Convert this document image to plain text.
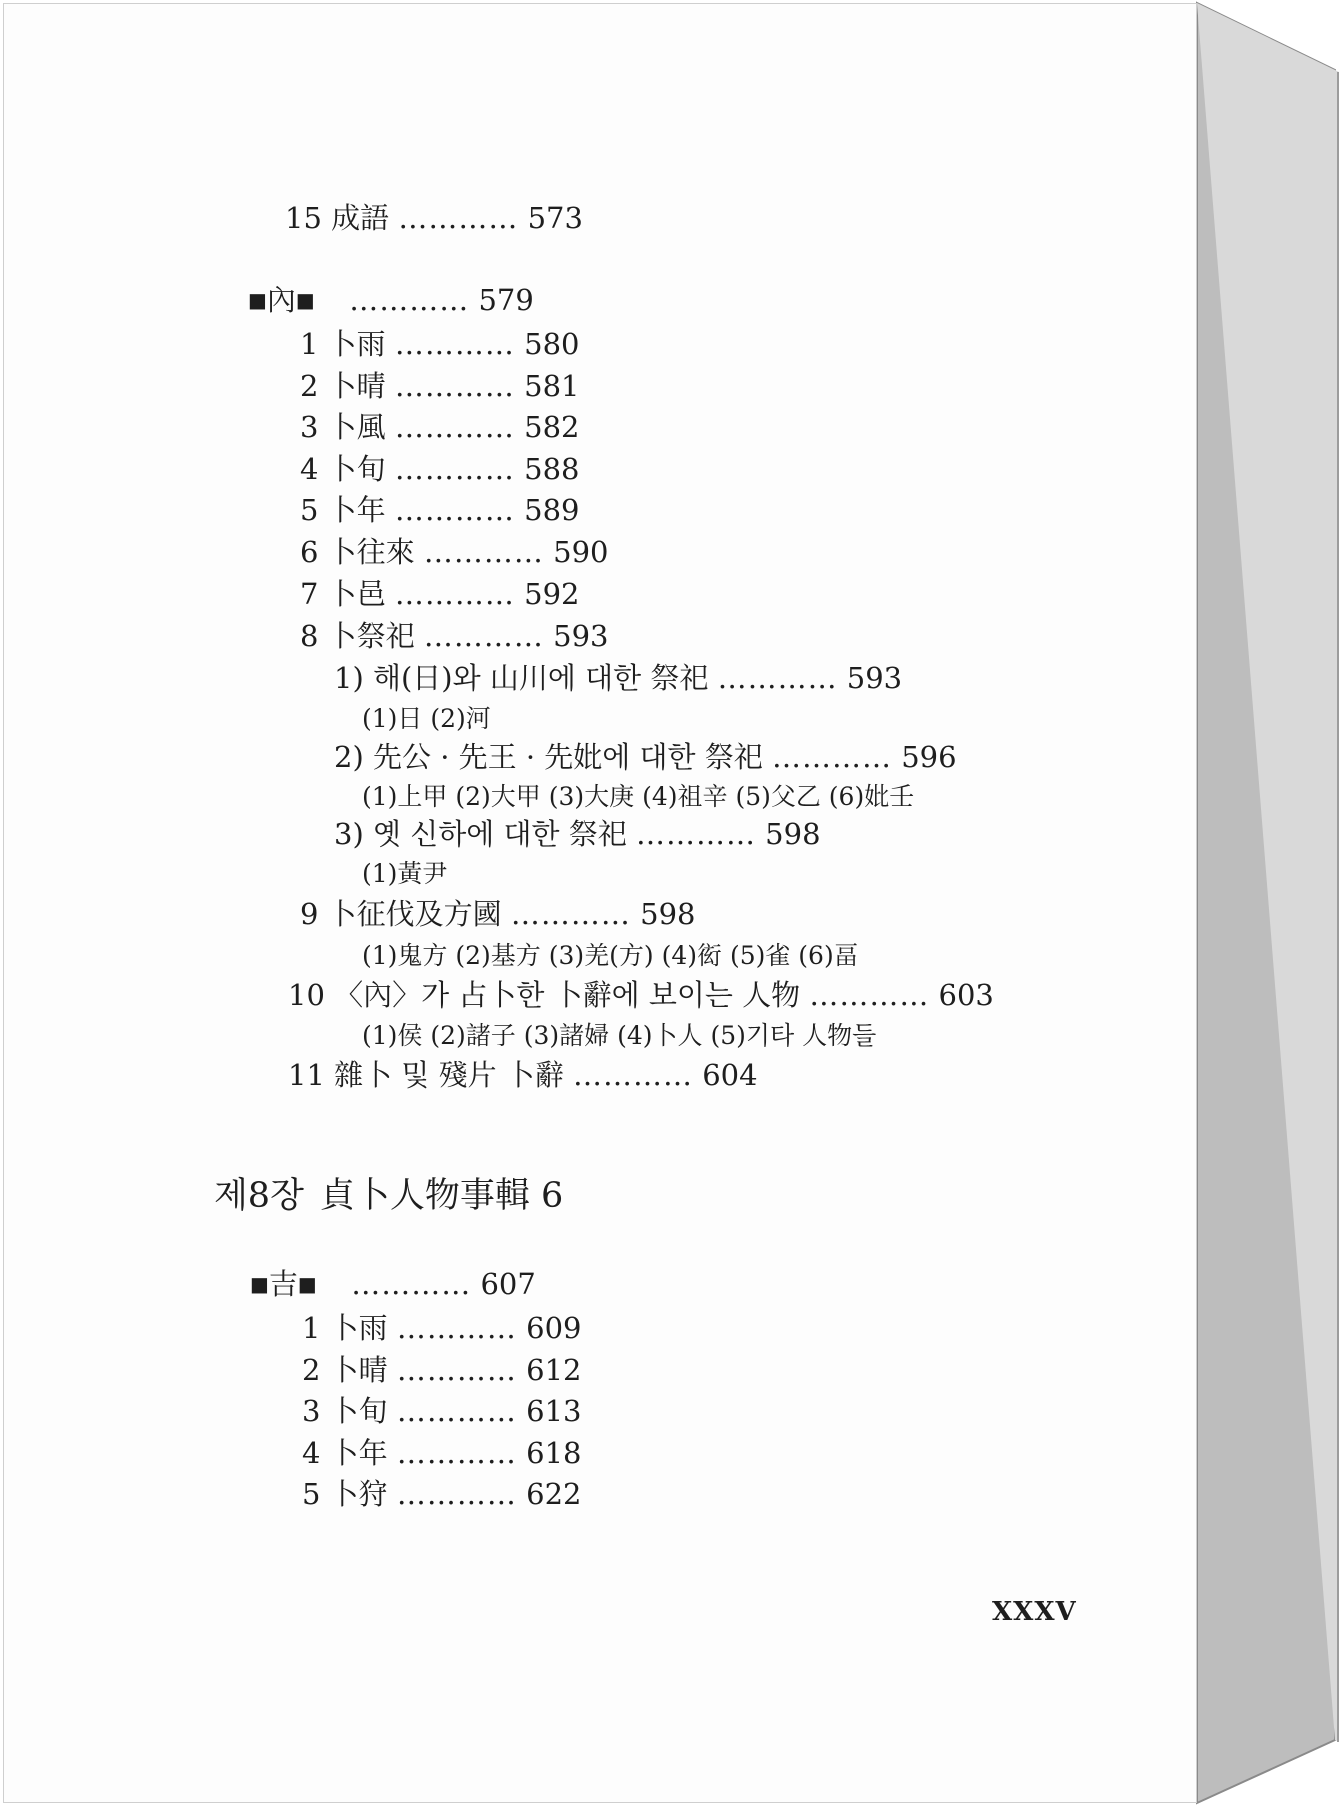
15 成語 ………… 573
■內■ ………… 579
1 卜雨 ………… 580
2 卜晴 ………… 581
3 卜風 ………… 582
4 卜旬 ………… 588
5 卜年 ………… 589
6 卜往來 ………… 590
7 卜邑 ………… 592
8 卜祭祀 ………… 593
1) 해(日)와 山川에 대한 祭祀 ………… 593
(1)日 (2)河
2) 先公 · 先王 · 先妣에 대한 祭祀 ………… 596
(1)上甲 (2)大甲 (3)大庚 (4)祖辛 (5)父乙 (6)妣壬
3) 옛 신하에 대한 祭祀 ………… 598
(1)黃尹
9 卜征伐及方國 ………… 598
(1)鬼方 (2)基方 (3)羌(方) (4)衒 (5)雀 (6)畐
10 〈內〉가 占卜한 卜辭에 보이는 人物 ………… 603
(1)侯 (2)諸子 (3)諸婦 (4)卜人 (5)기타 人物들
11 雜卜 및 殘片 卜辭 ………… 604
제8장 貞卜人物事輯 6
■吉■ ………… 607
1 卜雨 ………… 609
2 卜晴 ………… 612
3 卜旬 ………… 613
4 卜年 ………… 618
5 卜狩 ………… 622
XXXV
